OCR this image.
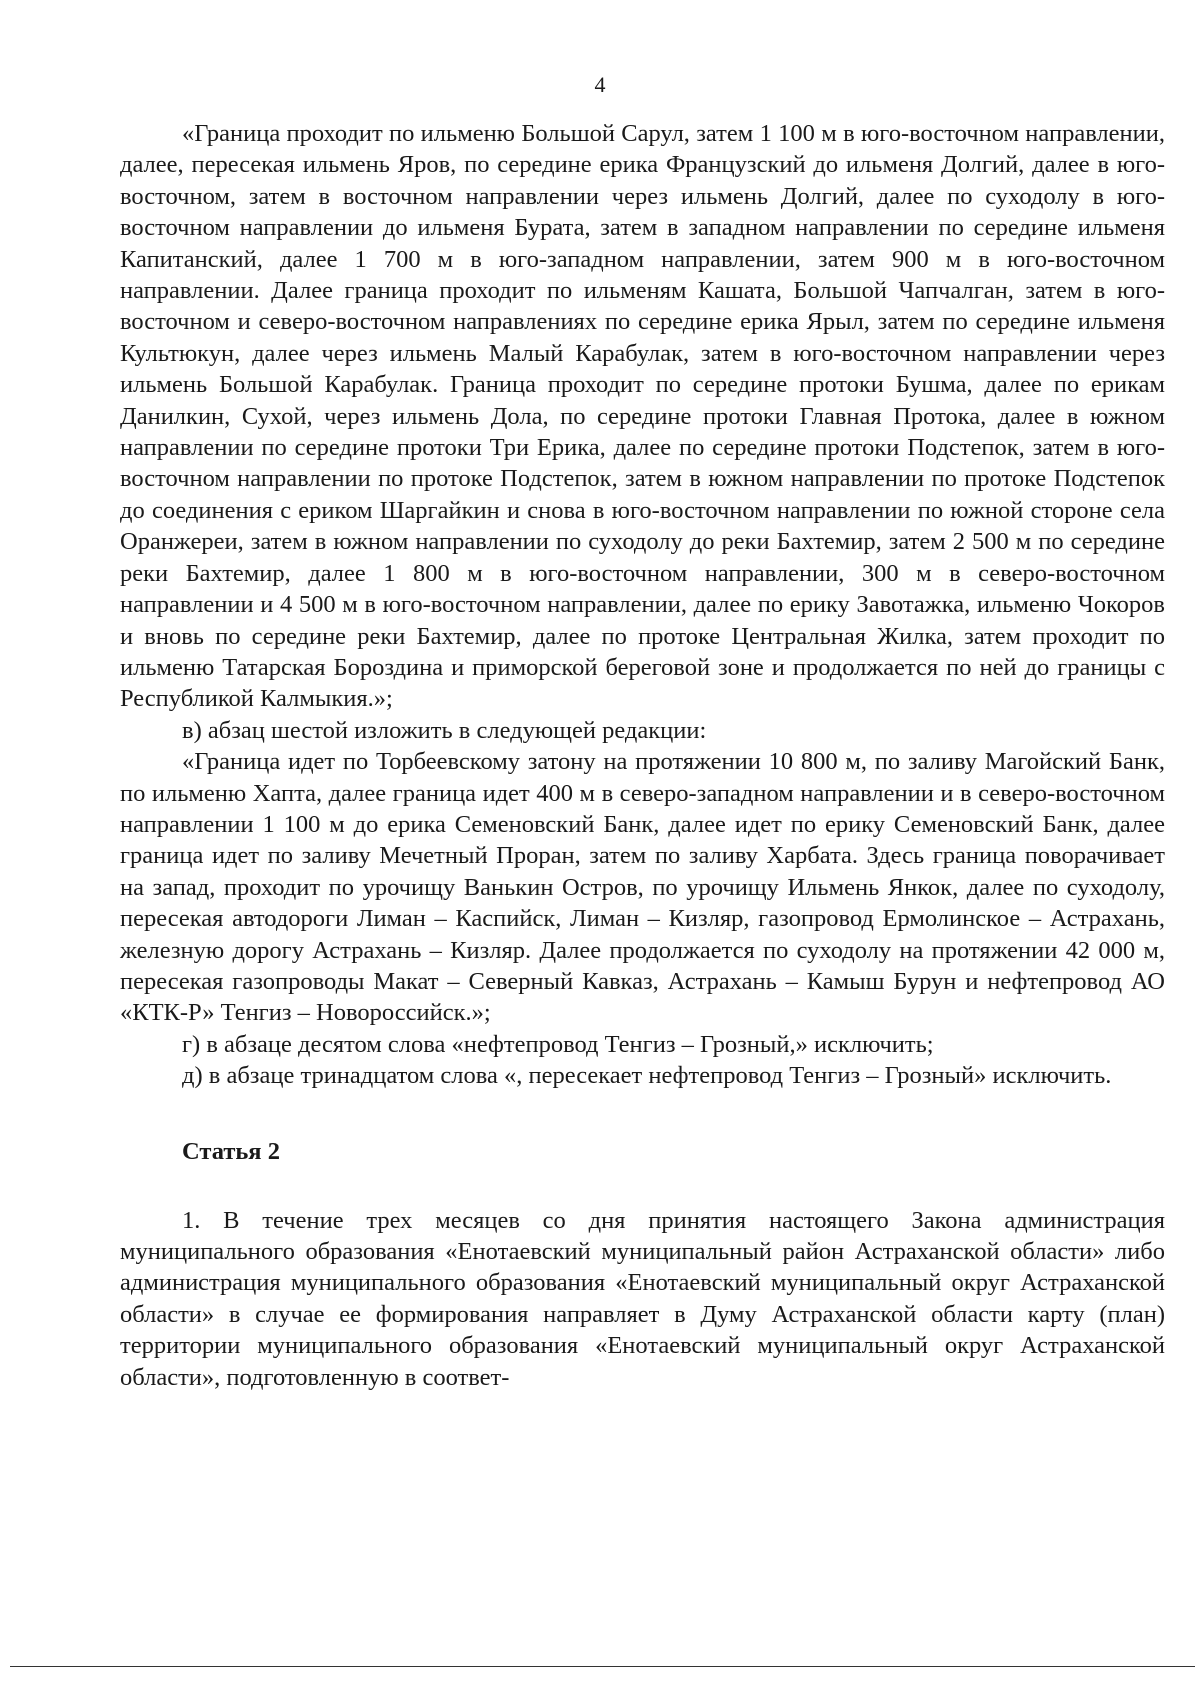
4

«Граница проходит по ильменю Большой Сарул, затем 1 100 м в юго-восточном направлении, далее, пересекая ильмень Яров, по середине ерика Французский до ильменя Долгий, далее в юго-восточном, затем в восточном направлении через ильмень Долгий, далее по суходолу в юго-восточном направлении до ильменя Бурата, затем в западном направлении по середине ильменя Капитанский, далее 1 700 м в юго-западном направлении, затем 900 м в юго-восточном направлении. Далее граница проходит по ильменям Кашата, Большой Чапчалган, затем в юго-восточном и северо-восточном направлениях по середине ерика Ярыл, затем по середине ильменя Культюкун, далее через ильмень Малый Карабулак, затем в юго-восточном направлении через ильмень Большой Карабулак. Граница проходит по середине протоки Бушма, далее по ерикам Данилкин, Сухой, через ильмень Дола, по середине протоки Главная Протока, далее в южном направлении по середине протоки Три Ерика, далее по середине протоки Подстепок, затем в юго-восточном направлении по протоке Подстепок, затем в южном направлении по протоке Подстепок до соединения с ериком Шаргайкин и снова в юго-восточном направлении по южной стороне села Оранжереи, затем в южном направлении по суходолу до реки Бахтемир, затем 2 500 м по середине реки Бахтемир, далее 1 800 м в юго-восточном направлении, 300 м в северо-восточном направлении и 4 500 м в юго-восточном направлении, далее по ерику Завотажка, ильменю Чокоров и вновь по середине реки Бахтемир, далее по протоке Центральная Жилка, затем проходит по ильменю Татарская Бороздина и приморской береговой зоне и продолжается по ней до границы с Республикой Калмыкия.»;

в) абзац шестой изложить в следующей редакции:

«Граница идет по Торбеевскому затону на протяжении 10 800 м, по заливу Магойский Банк, по ильменю Хапта, далее граница идет 400 м в северо-западном направлении и в северо-восточном направлении 1 100 м до ерика Семеновский Банк, далее идет по ерику Семеновский Банк, далее граница идет по заливу Мечетный Проран, затем по заливу Харбата. Здесь граница поворачивает на запад, проходит по урочищу Ванькин Остров, по урочищу Ильмень Янкок, далее по суходолу, пересекая автодороги Лиман – Каспийск, Лиман – Кизляр, газопровод Ермолинское – Астрахань, железную дорогу Астрахань – Кизляр. Далее продолжается по суходолу на протяжении 42 000 м, пересекая газопроводы Макат – Северный Кавказ, Астрахань – Камыш Бурун и нефтепровод АО «КТК-Р» Тенгиз – Новороссийск.»;

г) в абзаце десятом слова «нефтепровод Тенгиз – Грозный,» исключить;

д) в абзаце тринадцатом слова «, пересекает нефтепровод Тенгиз – Грозный» исключить.

Статья 2

1. В течение трех месяцев со дня принятия настоящего Закона администрация муниципального образования «Енотаевский муниципальный район Астраханской области» либо администрация муниципального образования «Енотаевский муниципальный округ Астраханской области» в случае ее формирования направляет в Думу Астраханской области карту (план) территории муниципального образования «Енотаевский муниципальный округ Астраханской области», подготовленную в соответ-
